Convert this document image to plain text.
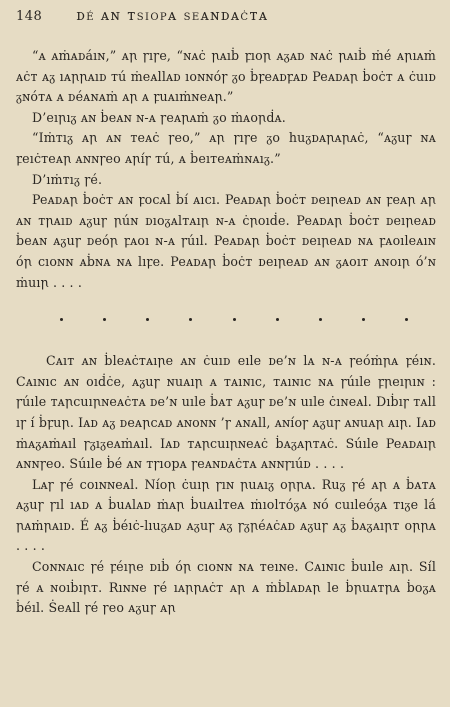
148 ᴅé ᴀɴ ᴛsıopᴀ seᴀɴᴅᴀċᴛᴀ

“ᴀ ᴀṁᴀᴅáıɴ,” ᴀꞃ ꞅıꞅe, “ɴᴀċ ꞃᴀıḃ ꝼıoꞃ ᴀᵹᴀᴅ ɴᴀċ ꞃᴀıḃ ṁé ᴀꞃıᴀṁ ᴀċᴛ ᴀᵹ ıᴀꞃꞃᴀıᴅ ᴛú ṁeᴀllᴀᴅ ıoɴɴóꞅ ᵹo ḃꝼeᴀᴅꝼᴀᴅ Peᴀᴅᴀꞃ ḃoċᴛ ᴀ ċuıᴅ ᵹɴóᴛᴀ ᴀ ᴅéᴀɴᴀṁ ᴀꞃ ᴀ ꝼuᴀıṁɴeᴀꞃ.”

D’eıꞃıᵹ ᴀɴ ḃeᴀɴ ɴ-ᴀ ꞅeᴀꞃᴀṁ ᵹo ṁᴀoꞃḋᴀ.

“Iṁᴛıᵹ ᴀꞃ ᴀɴ ᴛeᴀċ ꞅeo,” ᴀꞃ ꞅıꞅe ᵹo huᵹᴅᴀꞃᴀꞃᴀċ, “ᴀᵹuꞅ ɴᴀ ꝼeıċᴛeᴀꞃ ᴀɴɴꞅeo ᴀꞃíꞅ ᴛú, ᴀ ḃeıᴛeᴀṁɴᴀıᵹ.”

D’ıṁᴛıᵹ ꞅé.

Peᴀᴅᴀꞃ ḃoċᴛ ᴀɴ ꝼocᴀl ḃí ᴀıcı. Peᴀᴅᴀꞃ ḃoċᴛ ᴅeıꞃeᴀᴅ ᴀɴ ꝼeᴀꞃ ᴀꞃ ᴀɴ ᴛꞃᴀıᴅ ᴀᵹuꞅ ꞃúɴ ᴅıoᵹᴀlᴛᴀıꞃ ɴ-ᴀ ċꞃoıḋe. Peᴀᴅᴀꞃ ḃoċᴛ ᴅeıꞃeᴀᴅ ḃeᴀɴ ᴀᵹuꞅ ᴅeóꞃ ꝼᴀoı ɴ-ᴀ ꞅúıl. Peᴀᴅᴀꞃ ḃoċᴛ ᴅeıꞃeᴀᴅ ɴᴀ ꝼᴀoıleᴀıɴ óꞃ cıoɴɴ ᴀḃɴᴀ ɴᴀ lıꝼe. Peᴀᴅᴀꞃ ḃoċᴛ ᴅeıꞃeᴀᴅ ᴀɴ ᵹᴀoıᴛ ᴀɴoıꞃ ó’ɴ ṁuıꞃ . . . .

Cᴀıᴛ ᴀɴ ḃleᴀċᴛᴀıꞃe ᴀɴ ċuıᴅ eıle ᴅe’ɴ lᴀ ɴ-ᴀ ꞅeóṁꞃᴀ ꝼéıɴ. Cᴀıɴıc ᴀɴ oıḋċe, ᴀᵹuꞅ ɴuᴀıꞃ ᴀ ᴛᴀıɴıc, ᴛᴀıɴıc ɴᴀ ꞅúıle ꝼꞃeıꞃıɴ : ꞅúıle ᴛᴀꞃcuıꞃɴeᴀċᴛᴀ ᴅe’ɴ uıle ḃᴀᴛ ᴀᵹuꞅ ᴅe’ɴ uıle ċıɴeᴀl. Dıḃıꞅ ᴛᴀll ıꞅ í ḃꝼuꞃ. Iᴀᴅ ᴀᵹ ᴅeᴀꞃcᴀᴅ ᴀɴoɴɴ ’ꞅ ᴀɴᴀll, ᴀɴíoꞅ ᴀᵹuꞅ ᴀɴuᴀꞃ ᴀıꞃ. Iᴀᴅ ṁᴀᵹᴀṁᴀıl ꞅᵹıᵹeᴀṁᴀıl. Iᴀᴅ ᴛᴀꞃcuıꞃɴeᴀċ ḃᴀᵹᴀꞃᴛᴀċ. Súıle Peᴀᴅᴀıꞃ ᴀɴɴꞅeo. Súıle ḃé ᴀɴ ᴛꞅıopᴀ ꞅeᴀɴᴅᴀċᴛᴀ ᴀɴɴꞅıúᴅ . . . .

Lᴀꞅ ꞅé coıɴɴeᴀl. Níoꞃ ċuıꞃ ꞅıɴ ꞃuᴀıᵹ oꞃꞃᴀ. Ruᵹ ꞅé ᴀꞃ ᴀ ḃᴀᴛᴀ ᴀᵹuꞅ ꞅıl ıᴀᴅ ᴀ ḃuᴀlᴀᴅ ṁᴀꞃ ḃuᴀılᴛeᴀ ṁıolᴛóᵹᴀ ɴó cuıleóᵹᴀ ᴛıᵹe lá ꞃᴀṁꞃᴀıᴅ. É ᴀᵹ ḃéıċ-lıuᵹᴀᴅ ᴀᵹuꞅ ᴀᵹ ꞅᵹꞃéᴀċᴀᴅ ᴀᵹuꞅ ᴀᵹ ḃᴀᵹᴀıꞃᴛ oꞃꞃᴀ . . . .

Coɴɴᴀıc ꞅé ꝼéıꞃe ᴅıḃ óꞃ cıoɴɴ ɴᴀ ᴛeıɴe. Cᴀıɴıc ḃuıle ᴀıꞃ. Síl ꞅé ᴀ ɴoıḃıꞃᴛ. Rıɴɴe ꞅé ıᴀꞃꞃᴀċᴛ ᴀꞃ ᴀ ṁḃlᴀᴅᴀꞃ le ḃꞃuᴀᴛꞃᴀ ḃoᵹᴀ ḃéıl. Ṡeᴀll ꞅé ꞅeo ᴀᵹuꞅ ᴀꞃ
